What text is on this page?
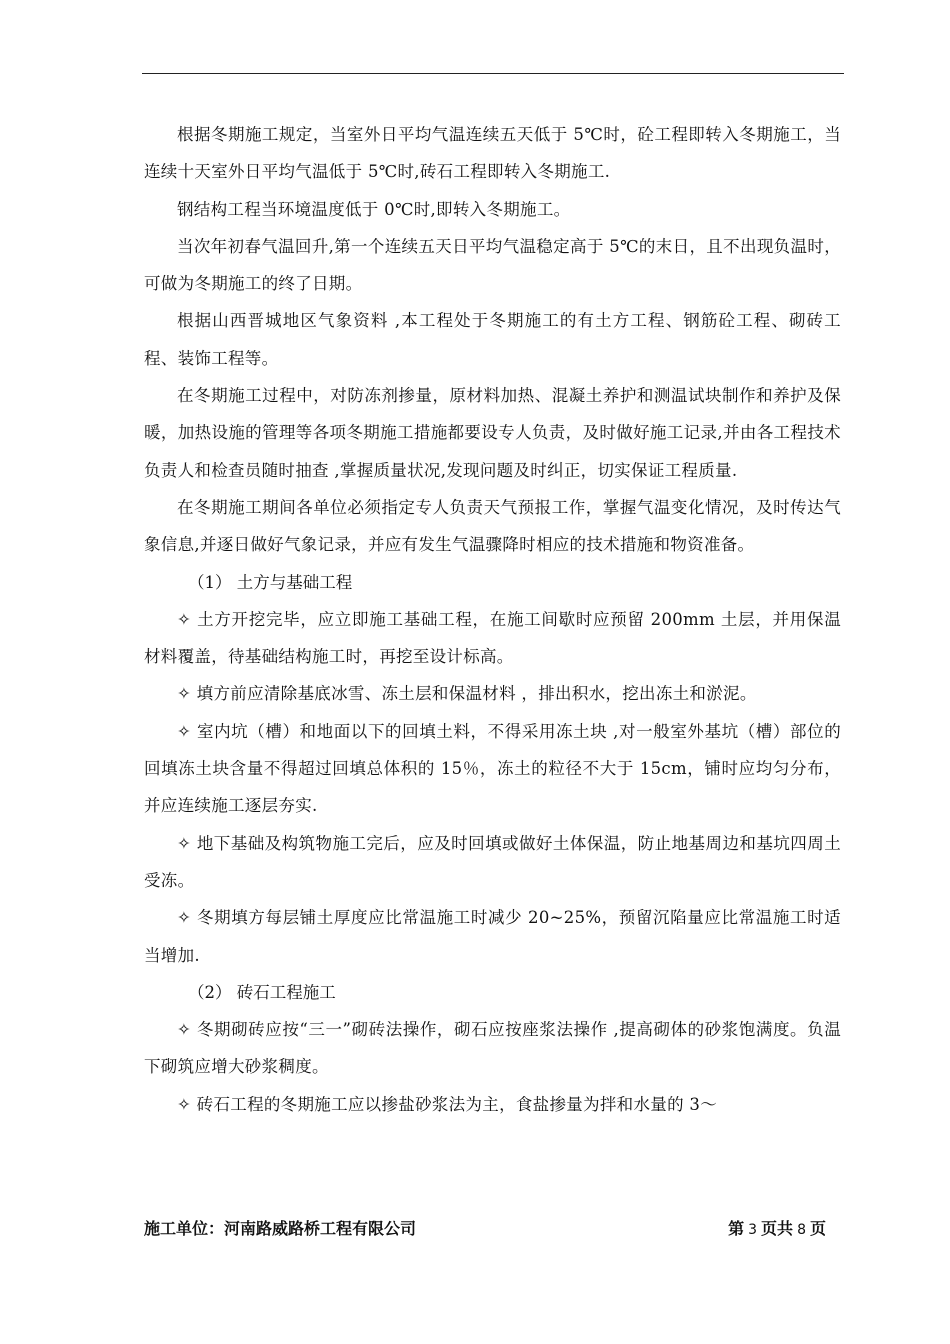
根据冬期施工规定，当室外日平均气温连续五天低于 5℃时，砼工程即转入冬期施工，当连续十天室外日平均气温低于 5℃时,砖石工程即转入冬期施工.

钢结构工程当环境温度低于 0℃时,即转入冬期施工。

当次年初春气温回升,第一个连续五天日平均气温稳定高于 5℃的末日，且不出现负温时，可做为冬期施工的终了日期。

根据山西晋城地区气象资料 ,本工程处于冬期施工的有土方工程、钢筋砼工程、砌砖工程、装饰工程等。

在冬期施工过程中，对防冻剂掺量，原材料加热、混凝土养护和测温试块制作和养护及保暖，加热设施的管理等各项冬期施工措施都要设专人负责，及时做好施工记录,并由各工程技术负责人和检查员随时抽查 ,掌握质量状况,发现问题及时纠正，切实保证工程质量.

在冬期施工期间各单位必须指定专人负责天气预报工作，掌握气温变化情况，及时传达气象信息,并逐日做好气象记录，并应有发生气温骤降时相应的技术措施和物资准备。

（1） 土方与基础工程

✧ 土方开挖完毕，应立即施工基础工程，在施工间歇时应预留 200mm 土层，并用保温材料覆盖，待基础结构施工时，再挖至设计标高。

✧ 填方前应清除基底冰雪、冻土层和保温材料 ，排出积水，挖出冻土和淤泥。

✧ 室内坑（槽）和地面以下的回填土料，不得采用冻土块 ,对一般室外基坑（槽）部位的回填冻土块含量不得超过回填总体积的 15％，冻土的粒径不大于 15cm，铺时应均匀分布，并应连续施工逐层夯实.

✧ 地下基础及构筑物施工完后，应及时回填或做好土体保温，防止地基周边和基坑四周土受冻。

✧ 冬期填方每层铺土厚度应比常温施工时减少 20~25%，预留沉陷量应比常温施工时适当增加.

（2） 砖石工程施工

✧ 冬期砌砖应按“三一”砌砖法操作，砌石应按座浆法操作 ,提高砌体的砂浆饱满度。负温下砌筑应增大砂浆稠度。

✧ 砖石工程的冬期施工应以掺盐砂浆法为主，食盐掺量为拌和水量的 3～

施工单位：河南路威路桥工程有限公司	第 3 页共 8 页
